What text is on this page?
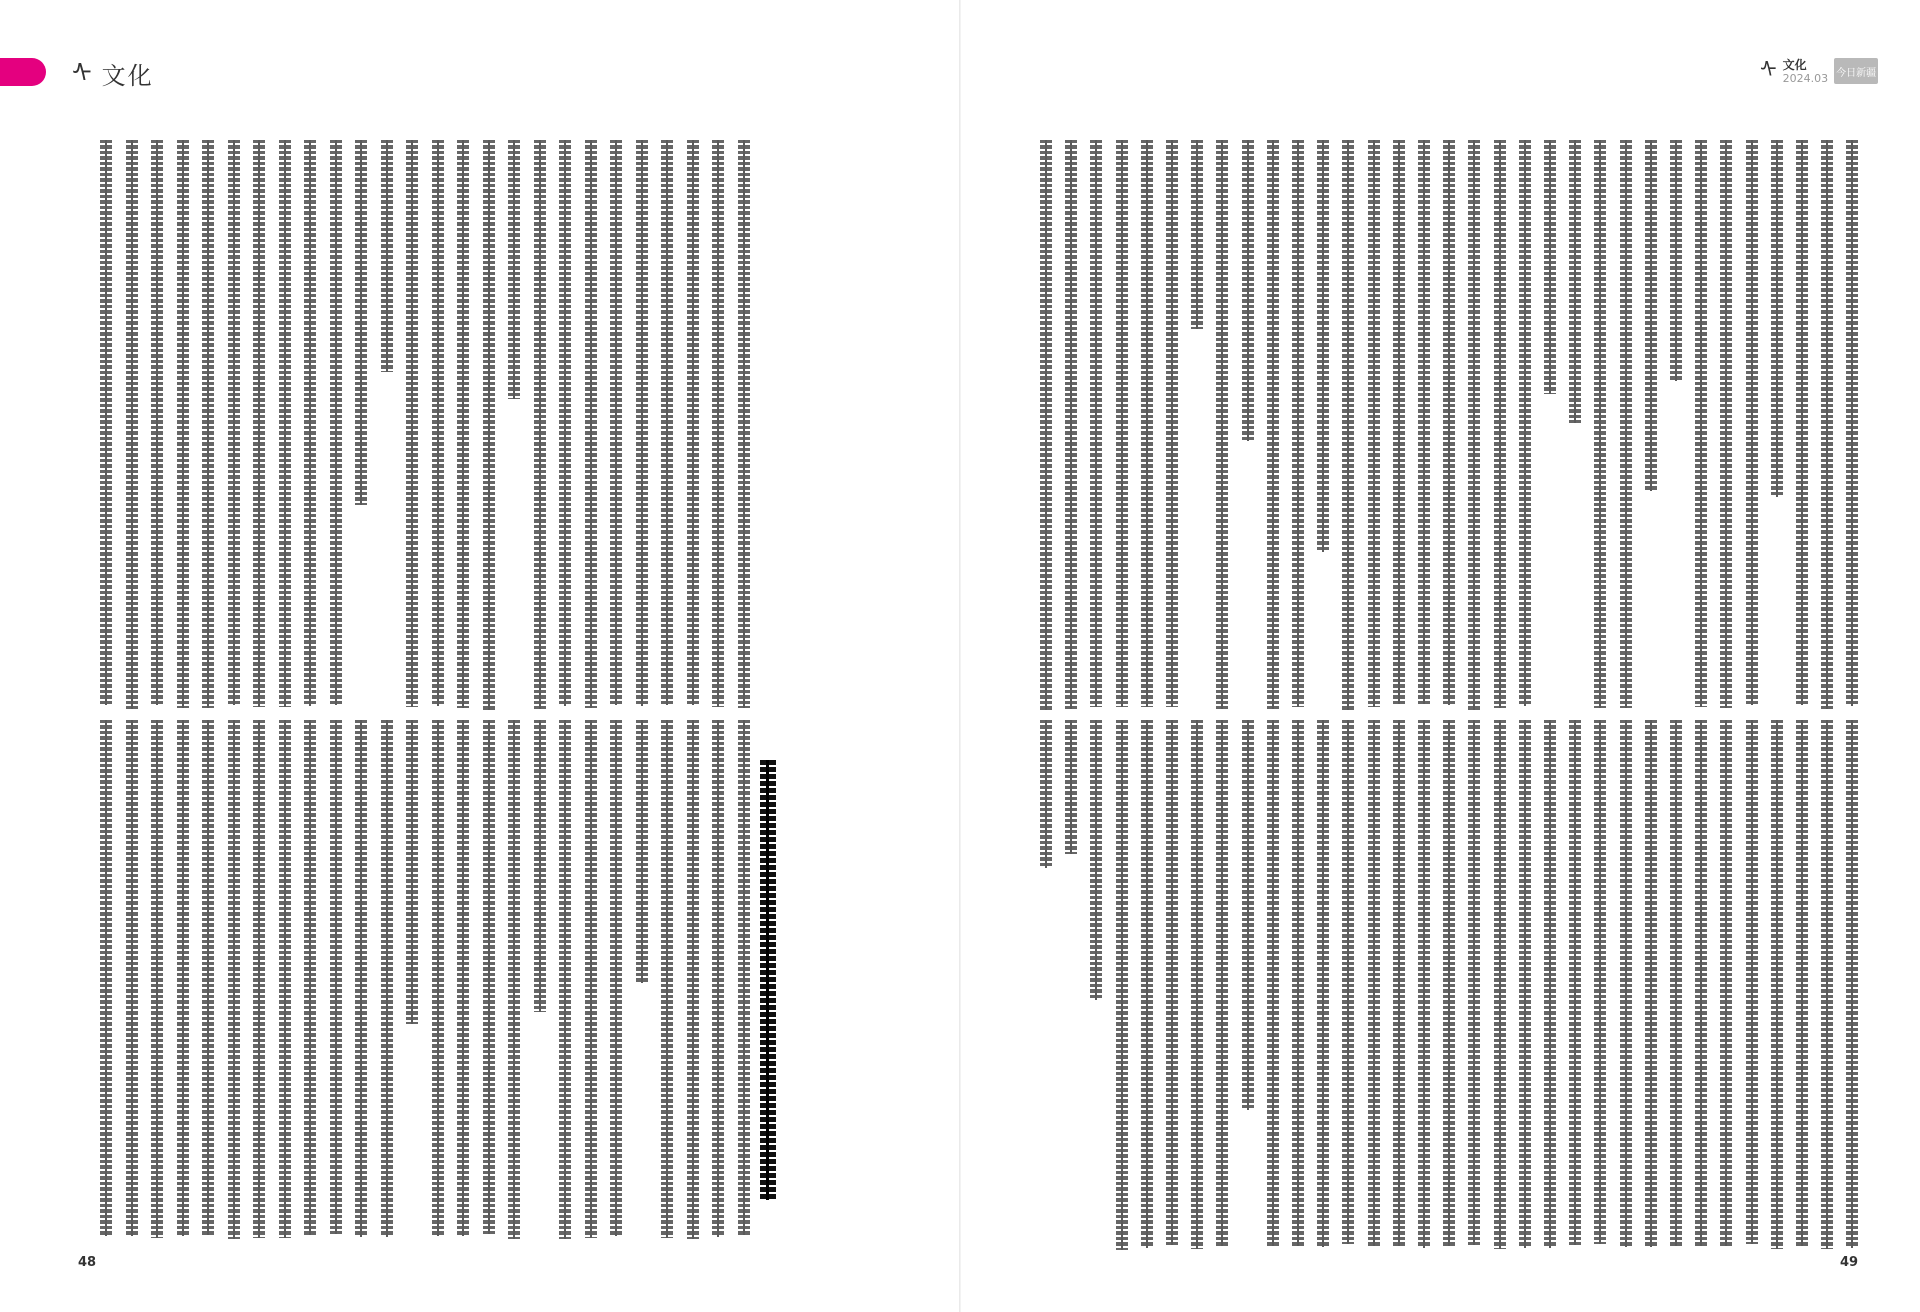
ᠰ 文化	ᠰ 文化
2024.03 今日新疆
48	49
